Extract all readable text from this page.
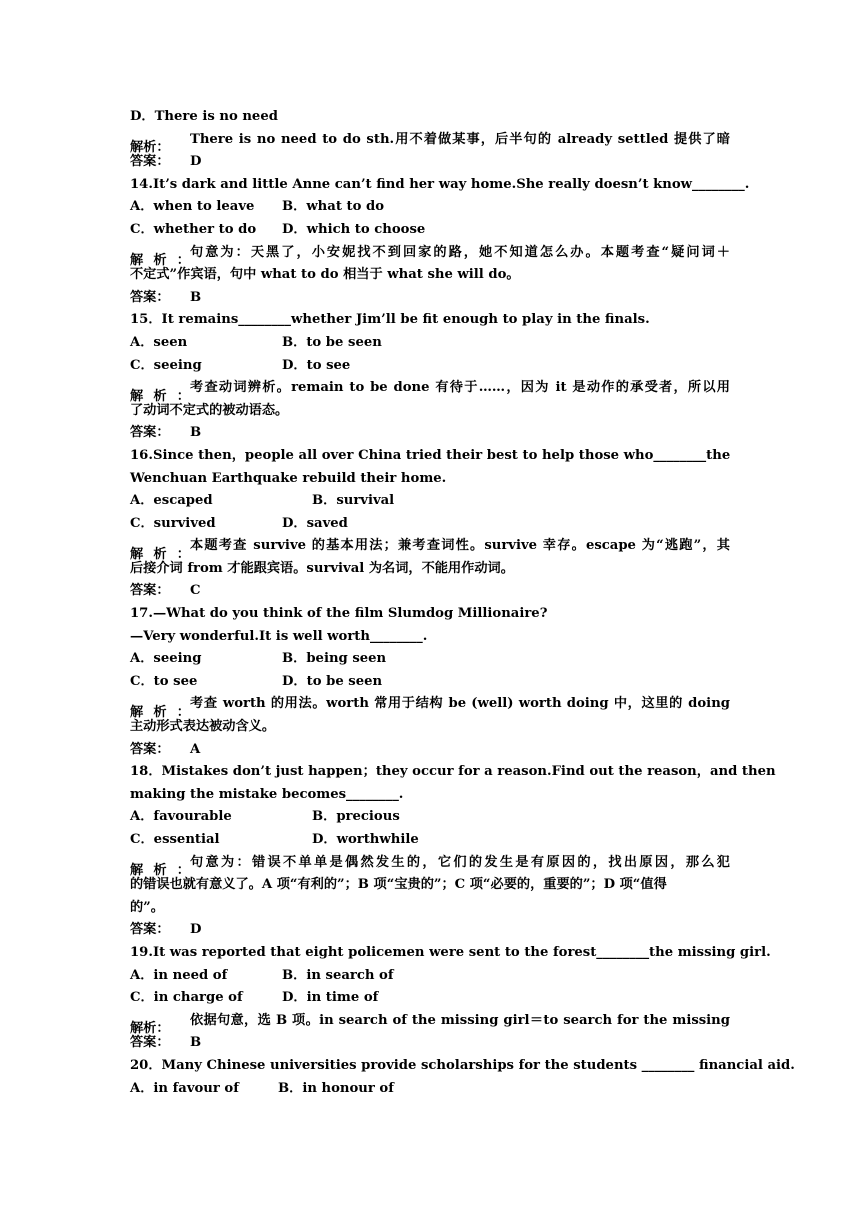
D．There is no need
解析：There is no need to do sth.用不着做某事，后半句的 already settled 提供了暗
答案： D
14.It’s dark and little Anne can’t find her way home.She really doesn’t know________.
A．when to leave B．what to do
C．whether to do D．which to choose
解析：句意为：天黑了，小安妮找不到回家的路，她不知道怎么办。本题考查“疑问词＋
不定式”作宾语，句中 what to do 相当于 what she will do。
答案： B
15．It remains________whether Jim’ll be fit enough to play in the finals.
A．seen	B．to be seen
C．seeing	D．to see
解析：考查动词辨析。remain to be done 有待于……，因为 it 是动作的承受者，所以用
了动词不定式的被动语态。
答案： B
16.Since then，people all over China tried their best to help those who________the
Wenchuan Earthquake rebuild their home.
A．escaped	B．survival
C．survived	D．saved
解析：本题考查 survive 的基本用法；兼考查词性。survive 幸存。escape 为“逃跑”，其
后接介词 from 才能跟宾语。survival 为名词，不能用作动词。
答案： C
17.—What do you think of the film Slumdog Millionaire?
—Very wonderful.It is well worth________.
A．seeing	B．being seen
C．to see	D．to be seen
解析：考查 worth 的用法。worth 常用于结构 be (well) worth doing 中，这里的 doing
主动形式表达被动含义。
答案： A
18．Mistakes don’t just happen；they occur for a reason.Find out the reason，and then
making the mistake becomes________.
A．favourable	B．precious
C．essential	D．worthwhile
解析：句意为：错误不单单是偶然发生的，它们的发生是有原因的，找出原因，那么犯
的错误也就有意义了。A 项“有利的”；B 项“宝贵的”；C 项“必要的，重要的”；D 项“值得
的”。
答案： D
19.It was reported that eight policemen were sent to the forest________the missing girl.
A．in need of	B．in search of
C．in charge of	D．in time of
解析：依据句意，选 B 项。in search of the missing girl＝to search for the missing
答案： B
20．Many Chinese universities provide scholarships for the students ________ financial aid.
A．in favour of	B．in honour of
